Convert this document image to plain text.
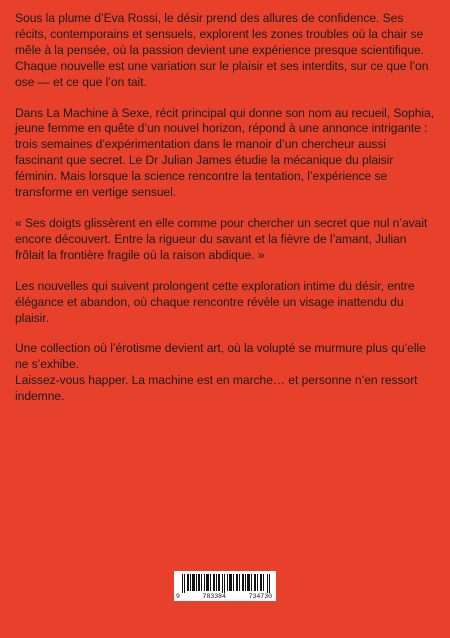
Sous la plume d’Eva Rossi, le désir prend des allures de confidence. Ses récits, contemporains et sensuels, explorent les zones troubles où la chair se mêle à la pensée, où la passion devient une expérience presque scientifique. Chaque nouvelle est une variation sur le plaisir et ses interdits, sur ce que l’on ose — et ce que l’on tait.

Dans La Machine à Sexe, récit principal qui donne son nom au recueil, Sophia, jeune femme en quête d’un nouvel horizon, répond à une annonce intrigante : trois semaines d’expérimentation dans le manoir d’un chercheur aussi fascinant que secret. Le Dr Julian James étudie la mécanique du plaisir féminin. Mais lorsque la science rencontre la tentation, l’expérience se transforme en vertige sensuel.

« Ses doigts glissèrent en elle comme pour chercher un secret que nul n’avait encore découvert. Entre la rigueur du savant et la fièvre de l’amant, Julian frôlait la frontière fragile où la raison abdique. »

Les nouvelles qui suivent prolongent cette exploration intime du désir, entre élégance et abandon, où chaque rencontre révèle un visage inattendu du plaisir.

Une collection où l’érotisme devient art, où la volupté se murmure plus qu’elle ne s’exhibe.

Laissez-vous happer. La machine est en marche… et personne n’en ressort indemne.

9	783384	734730
